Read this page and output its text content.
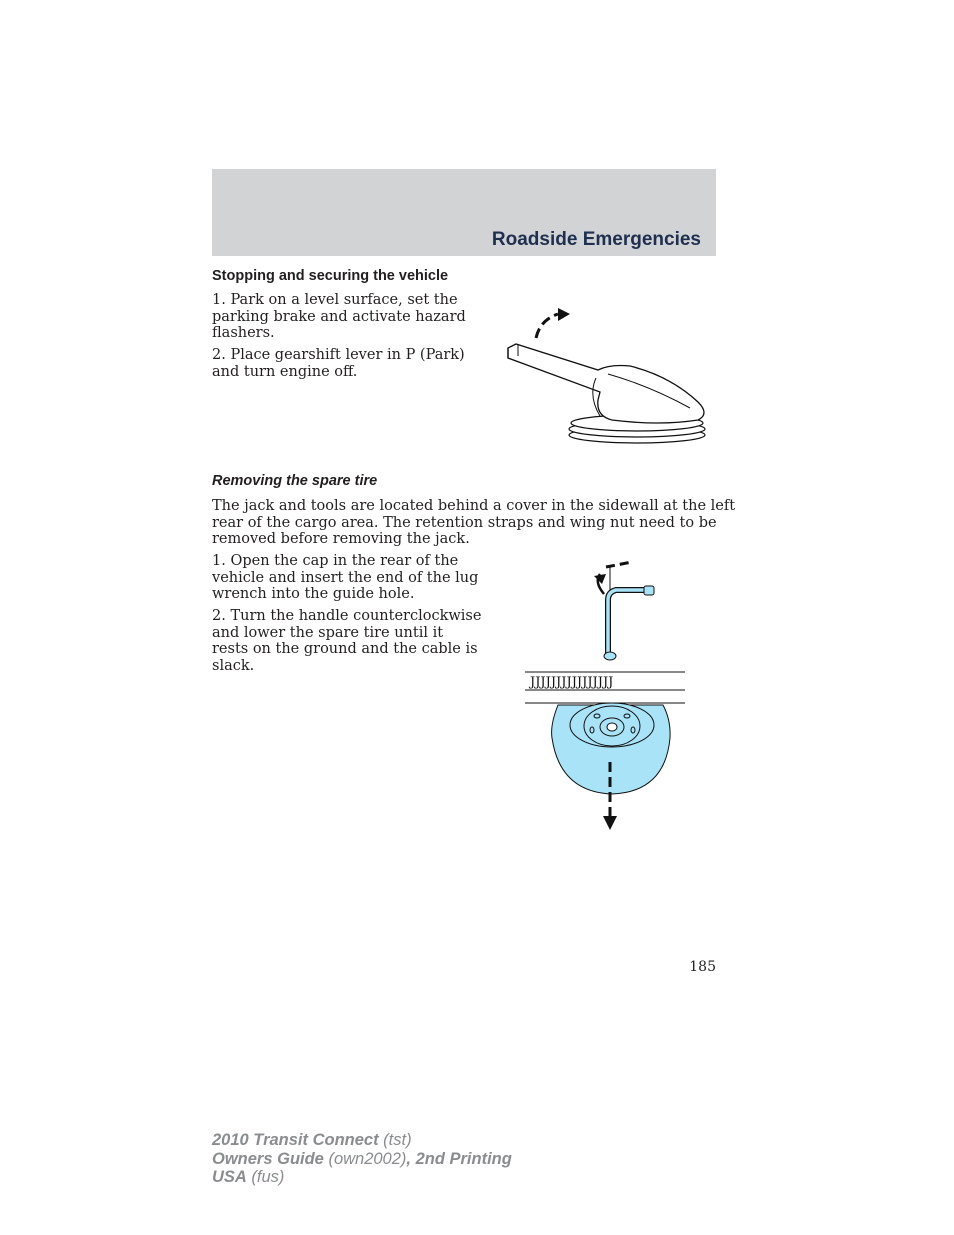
Roadside Emergencies
Stopping and securing the vehicle
1. Park on a level surface, set the
parking brake and activate hazard
flashers.
2. Place gearshift lever in P (Park)
and turn engine off.
Removing the spare tire
The jack and tools are located behind a cover in the sidewall at the left
rear of the cargo area. The retention straps and wing nut need to be
removed before removing the jack.
1. Open the cap in the rear of the
vehicle and insert the end of the lug
wrench into the guide hole.
2. Turn the handle counterclockwise
and lower the spare tire until it
rests on the ground and the cable is
slack.
JJJJJJJJJJJJJJJJ
185
2010 Transit Connect (tst)
Owners Guide (own2002), 2nd Printing
USA (fus)
